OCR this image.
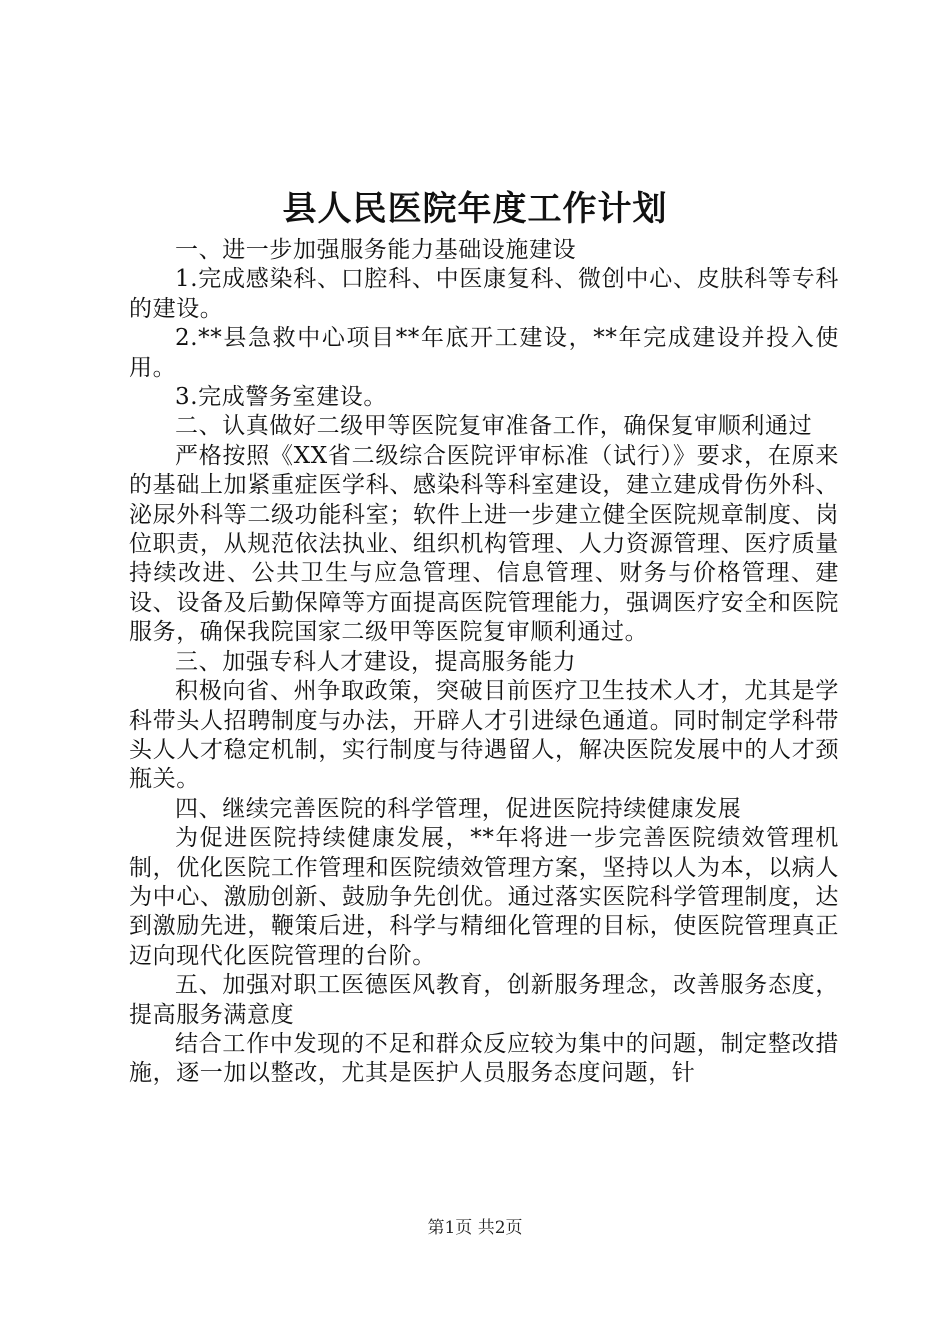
县人民医院年度工作计划

一、进一步加强服务能力基础设施建设

1.完成感染科、口腔科、中医康复科、微创中心、皮肤科等专科的建设。

2.**县急救中心项目**年底开工建设，**年完成建设并投入使用。

3.完成警务室建设。

二、认真做好二级甲等医院复审准备工作，确保复审顺利通过

严格按照《XX省二级综合医院评审标准（试行）》要求，在原来的基础上加紧重症医学科、感染科等科室建设，建立建成骨伤外科、泌尿外科等二级功能科室；软件上进一步建立健全医院规章制度、岗位职责，从规范依法执业、组织机构管理、人力资源管理、医疗质量持续改进、公共卫生与应急管理、信息管理、财务与价格管理、建设、设备及后勤保障等方面提高医院管理能力，强调医疗安全和医院服务，确保我院国家二级甲等医院复审顺利通过。

三、加强专科人才建设，提高服务能力

积极向省、州争取政策，突破目前医疗卫生技术人才，尤其是学科带头人招聘制度与办法，开辟人才引进绿色通道。同时制定学科带头人人才稳定机制，实行制度与待遇留人，解决医院发展中的人才颈瓶关。

四、继续完善医院的科学管理，促进医院持续健康发展

为促进医院持续健康发展，**年将进一步完善医院绩效管理机制，优化医院工作管理和医院绩效管理方案，坚持以人为本，以病人为中心、激励创新、鼓励争先创优。通过落实医院科学管理制度，达到激励先进，鞭策后进，科学与精细化管理的目标，使医院管理真正迈向现代化医院管理的台阶。

五、加强对职工医德医风教育，创新服务理念，改善服务态度，提高服务满意度

结合工作中发现的不足和群众反应较为集中的问题，制定整改措施，逐一加以整改，尤其是医护人员服务态度问题，针

第1页 共2页
